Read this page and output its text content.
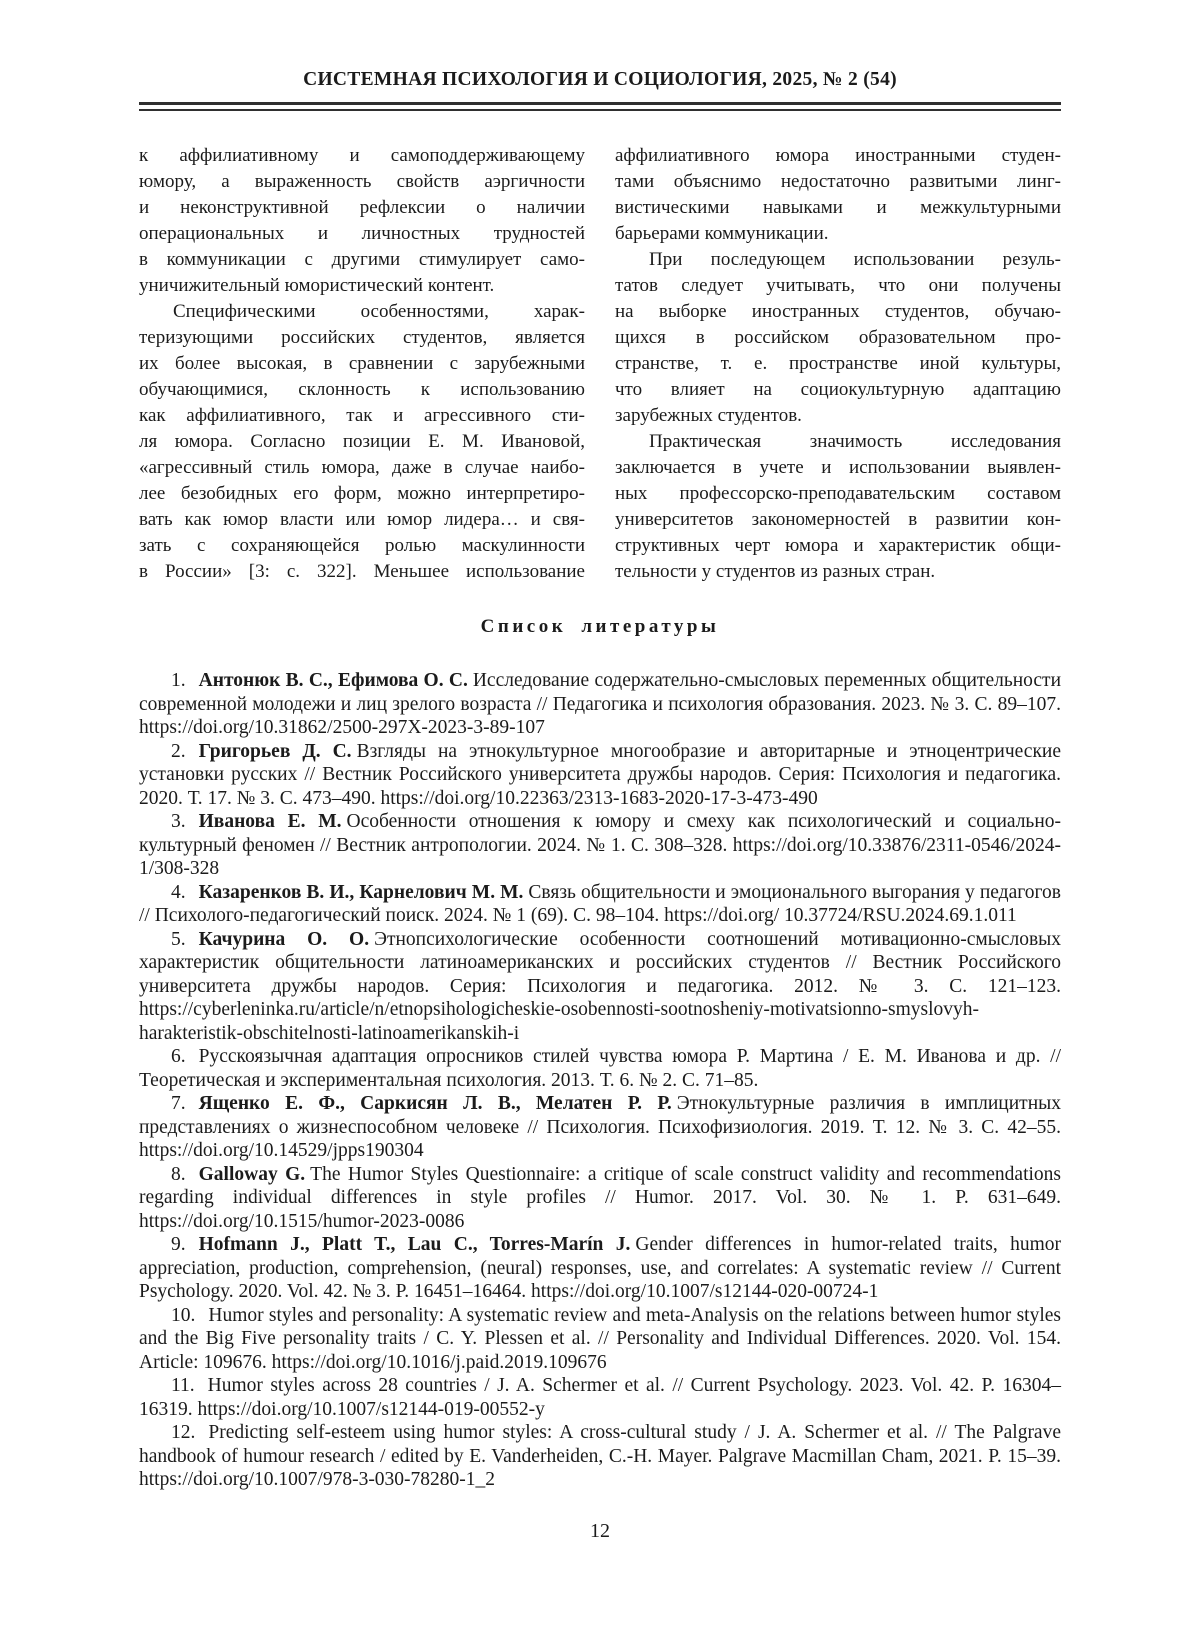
СИСТЕМНАЯ ПСИХОЛОГИЯ И СОЦИОЛОГИЯ, 2025, № 2 (54)
к аффилиативному и самоподдерживающему
юмору, а выраженность свойств аэргичности
и неконструктивной рефлексии о наличии
операциональных и личностных трудностей
в коммуникации с другими стимулирует само-
уничижительный юмористический контент.
Специфическими особенностями, харак-
теризующими российских студентов, является
их более высокая, в сравнении с зарубежными
обучающимися, склонность к использованию
как аффилиативного, так и агрессивного сти-
ля юмора. Согласно позиции Е. М. Ивановой,
«агрессивный стиль юмора, даже в случае наибо-
лее безобидных его форм, можно интерпретиро-
вать как юмор власти или юмор лидера… и свя-
зать с сохраняющейся ролью маскулинности
в России» [3: с. 322]. Меньшее использование
аффилиативного юмора иностранными студен-
тами объяснимо недостаточно развитыми линг-
вистическими навыками и межкультурными
барьерами коммуникации.
При последующем использовании резуль-
татов следует учитывать, что они получены
на выборке иностранных студентов, обучаю-
щихся в российском образовательном про-
странстве, т. е. пространстве иной культуры,
что влияет на социокультурную адаптацию
зарубежных студентов.
Практическая значимость исследования
заключается в учете и использовании выявлен-
ных профессорско-преподавательским составом
университетов закономерностей в развитии кон-
структивных черт юмора и характеристик общи-
тельности у студентов из разных стран.
Список литературы

1. Антонюк В. С., Ефимова О. С. Исследование содержательно-смысловых переменных общительности современной молодежи и лиц зрелого возраста // Педагогика и психология образования. 2023. № 3. С. 89–107. https://doi.org/10.31862/2500-297X-2023-3-89-107

2. Григорьев Д. С. Взгляды на этнокультурное многообразие и авторитарные и этноцентрические установки русских // Вестник Российского университета дружбы народов. Серия: Психология и педагогика. 2020. Т. 17. № 3. С. 473–490. https://doi.org/10.22363/2313-1683-2020-17-3-473-490

3. Иванова Е. М. Особенности отношения к юмору и смеху как психологический и социально-культурный феномен // Вестник антропологии. 2024. № 1. С. 308–328. https://doi.org/10.33876/2311-0546/2024-1/308-328

4. Казаренков В. И., Карнелович М. М. Связь общительности и эмоционального выгорания у педагогов // Психолого-педагогический поиск. 2024. № 1 (69). С. 98–104. https://doi.org/ 10.37724/RSU.2024.69.1.011

5. Качурина О. О. Этнопсихологические особенности соотношений мотивационно-смысловых характеристик общительности латиноамериканских и российских студентов // Вестник Российского университета дружбы народов. Серия: Психология и педагогика. 2012. № 3. С. 121–123. https://cyberleninka.ru/article/n/etnopsihologicheskie-osobennosti-sootnosheniy-motivatsionno-smyslovyh-harakteristik-obschitelnosti-latinoamerikanskih-i

6. Русскоязычная адаптация опросников стилей чувства юмора Р. Мартина / Е. М. Иванова и др. // Теоретическая и экспериментальная психология. 2013. Т. 6. № 2. С. 71–85.

7. Ященко Е. Ф., Саркисян Л. В., Мелатен Р. Р. Этнокультурные различия в имплицитных представлениях о жизнеспособном человеке // Психология. Психофизиология. 2019. Т. 12. № 3. С. 42–55. https://doi.org/10.14529/jpps190304

8. Galloway G. The Humor Styles Questionnaire: a critique of scale construct validity and recommendations regarding individual differences in style profiles // Humor. 2017. Vol. 30. № 1. P. 631–649. https://doi.org/10.1515/humor-2023-0086

9. Hofmann J., Platt T., Lau C., Torres-Marín J. Gender differences in humor-related traits, humor appreciation, production, comprehension, (neural) responses, use, and correlates: A systematic review // Current Psychology. 2020. Vol. 42. № 3. P. 16451–16464. https://doi.org/10.1007/s12144-020-00724-1

10. Humor styles and personality: A systematic review and meta-Analysis on the relations between humor styles and the Big Five personality traits / C. Y. Plessen et al. // Personality and Individual Differences. 2020. Vol. 154. Article: 109676. https://doi.org/10.1016/j.paid.2019.109676

11. Humor styles across 28 countries / J. A. Schermer et al. // Current Psychology. 2023. Vol. 42. P. 16304–16319. https://doi.org/10.1007/s12144-019-00552-y

12. Predicting self-esteem using humor styles: A cross-cultural study / J. A. Schermer et al. // The Palgrave handbook of humour research / edited by E. Vanderheiden, C.-H. Mayer. Palgrave Macmillan Cham, 2021. P. 15–39. https://doi.org/10.1007/978-3-030-78280-1_2

12
